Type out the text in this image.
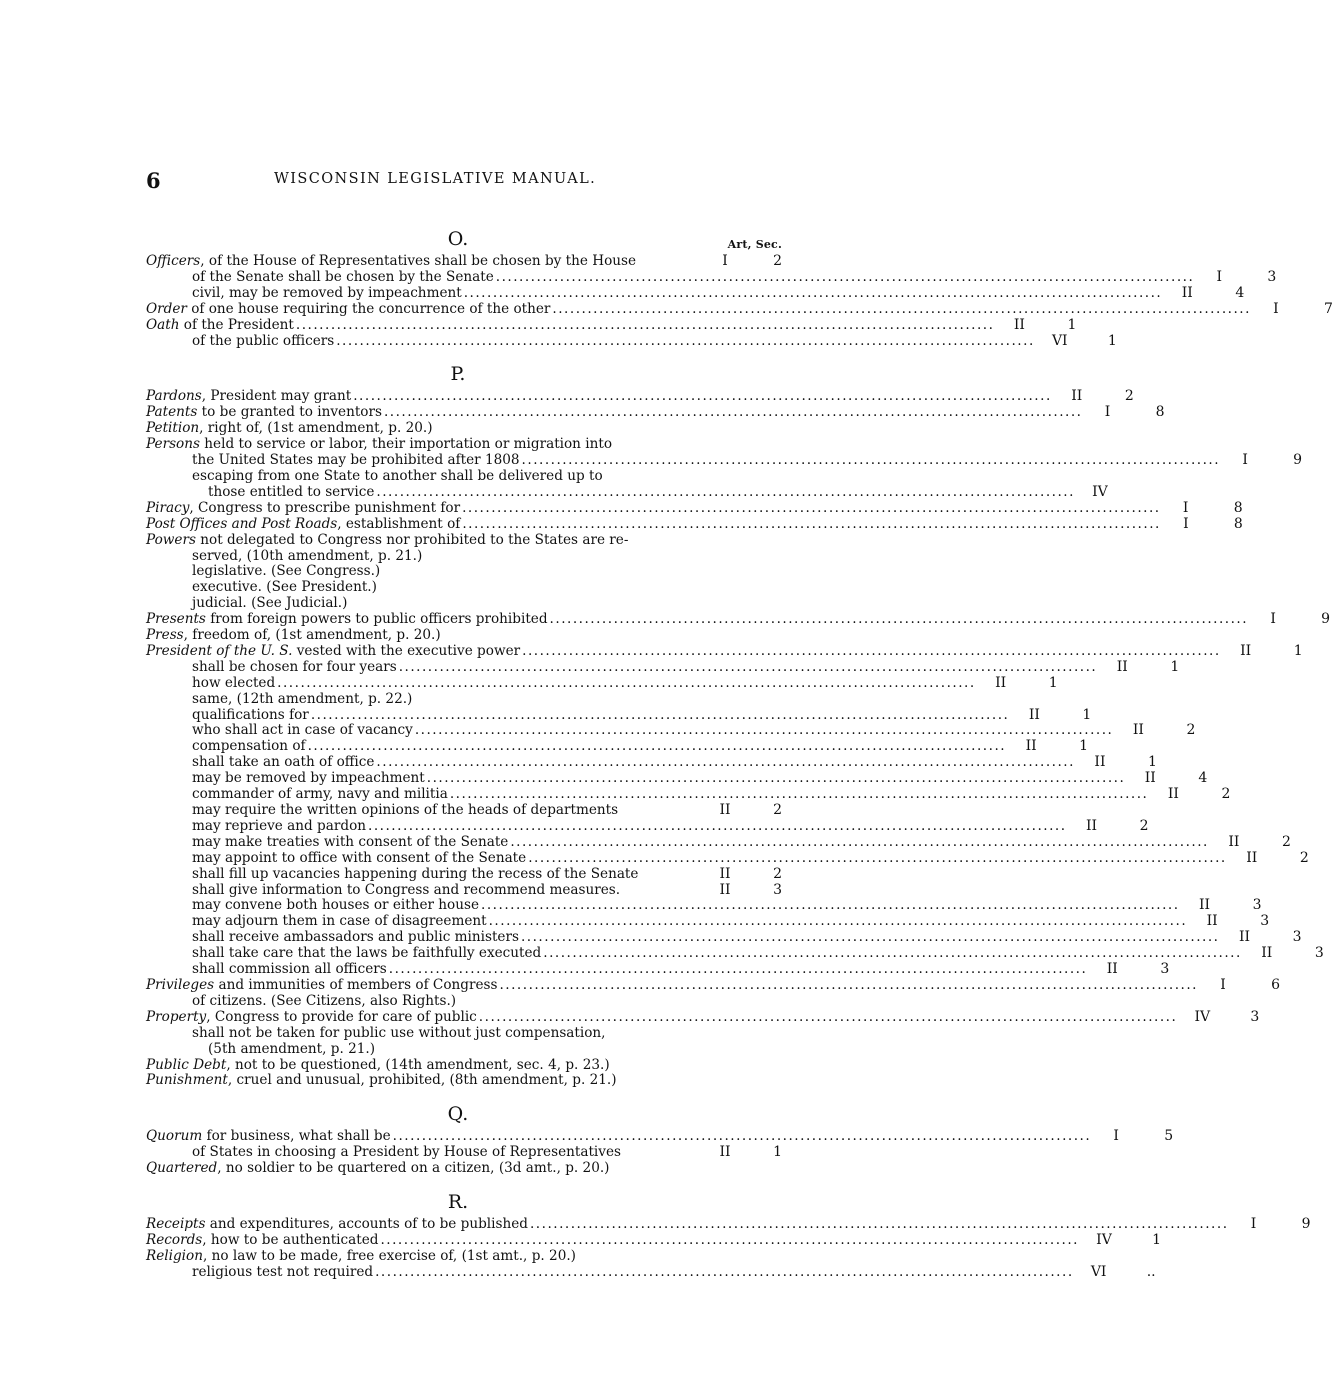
6	WISCONSIN LEGISLATIVE MANUAL.
O.	Art, Sec.
Officers, of the House of Representatives shall be chosen by the House	I	2
of the Senate shall be chosen by the Senate ........................................................................................................................	I	3
civil, may be removed by impeachment ........................................................................................................................	II	4
Order of one house requiring the concurrence of the other ........................................................................................................................	I	7
Oath of the President ........................................................................................................................	II	1
of the public officers ........................................................................................................................	VI	1
P.
Pardons, President may grant ........................................................................................................................	II	2
Patents to be granted to inventors ........................................................................................................................	I	8
Petition, right of, (1st amendment, p. 20.)
Persons held to service or labor, their importation or migration into
the United States may be prohibited after 1808 ........................................................................................................................	I	9
escaping from one State to another shall be delivered up to
those entitled to service ........................................................................................................................	IV
Piracy, Congress to prescribe punishment for ........................................................................................................................	I	8
Post Offices and Post Roads, establishment of ........................................................................................................................	I	8
Powers not delegated to Congress nor prohibited to the States are re-
served, (10th amendment, p. 21.)
legislative. (See Congress.)
executive. (See President.)
judicial. (See Judicial.)
Presents from foreign powers to public officers prohibited ........................................................................................................................	I	9
Press, freedom of, (1st amendment, p. 20.)
President of the U. S. vested with the executive power ........................................................................................................................	II	1
shall be chosen for four years ........................................................................................................................	II	1
how elected ........................................................................................................................	II	1
same, (12th amendment, p. 22.)
qualifications for ........................................................................................................................	II	1
who shall act in case of vacancy ........................................................................................................................	II	2
compensation of ........................................................................................................................	II	1
shall take an oath of office ........................................................................................................................	II	1
may be removed by impeachment ........................................................................................................................	II	4
commander of army, navy and militia ........................................................................................................................	II	2
may require the written opinions of the heads of departments	II	2
may reprieve and pardon ........................................................................................................................	II	2
may make treaties with consent of the Senate ........................................................................................................................	II	2
may appoint to office with consent of the Senate ........................................................................................................................	II	2
shall fill up vacancies happening during the recess of the Senate	II	2
shall give information to Congress and recommend measures.	II	3
may convene both houses or either house ........................................................................................................................	II	3
may adjourn them in case of disagreement ........................................................................................................................	II	3
shall receive ambassadors and public ministers ........................................................................................................................	II	3
shall take care that the laws be faithfully executed ........................................................................................................................	II	3
shall commission all officers ........................................................................................................................	II	3
Privileges and immunities of members of Congress ........................................................................................................................	I	6
of citizens. (See Citizens, also Rights.)
Property, Congress to provide for care of public ........................................................................................................................	IV	3
shall not be taken for public use without just compensation,
(5th amendment, p. 21.)
Public Debt, not to be questioned, (14th amendment, sec. 4, p. 23.)
Punishment, cruel and unusual, prohibited, (8th amendment, p. 21.)
Q.
Quorum for business, what shall be ........................................................................................................................	I	5
of States in choosing a President by House of Representatives	II	1
Quartered, no soldier to be quartered on a citizen, (3d amt., p. 20.)
R.
Receipts and expenditures, accounts of to be published ........................................................................................................................	I	9
Records, how to be authenticated ........................................................................................................................	IV	1
Religion, no law to be made, free exercise of, (1st amt., p. 20.)
religious test not required ........................................................................................................................	VI	..
